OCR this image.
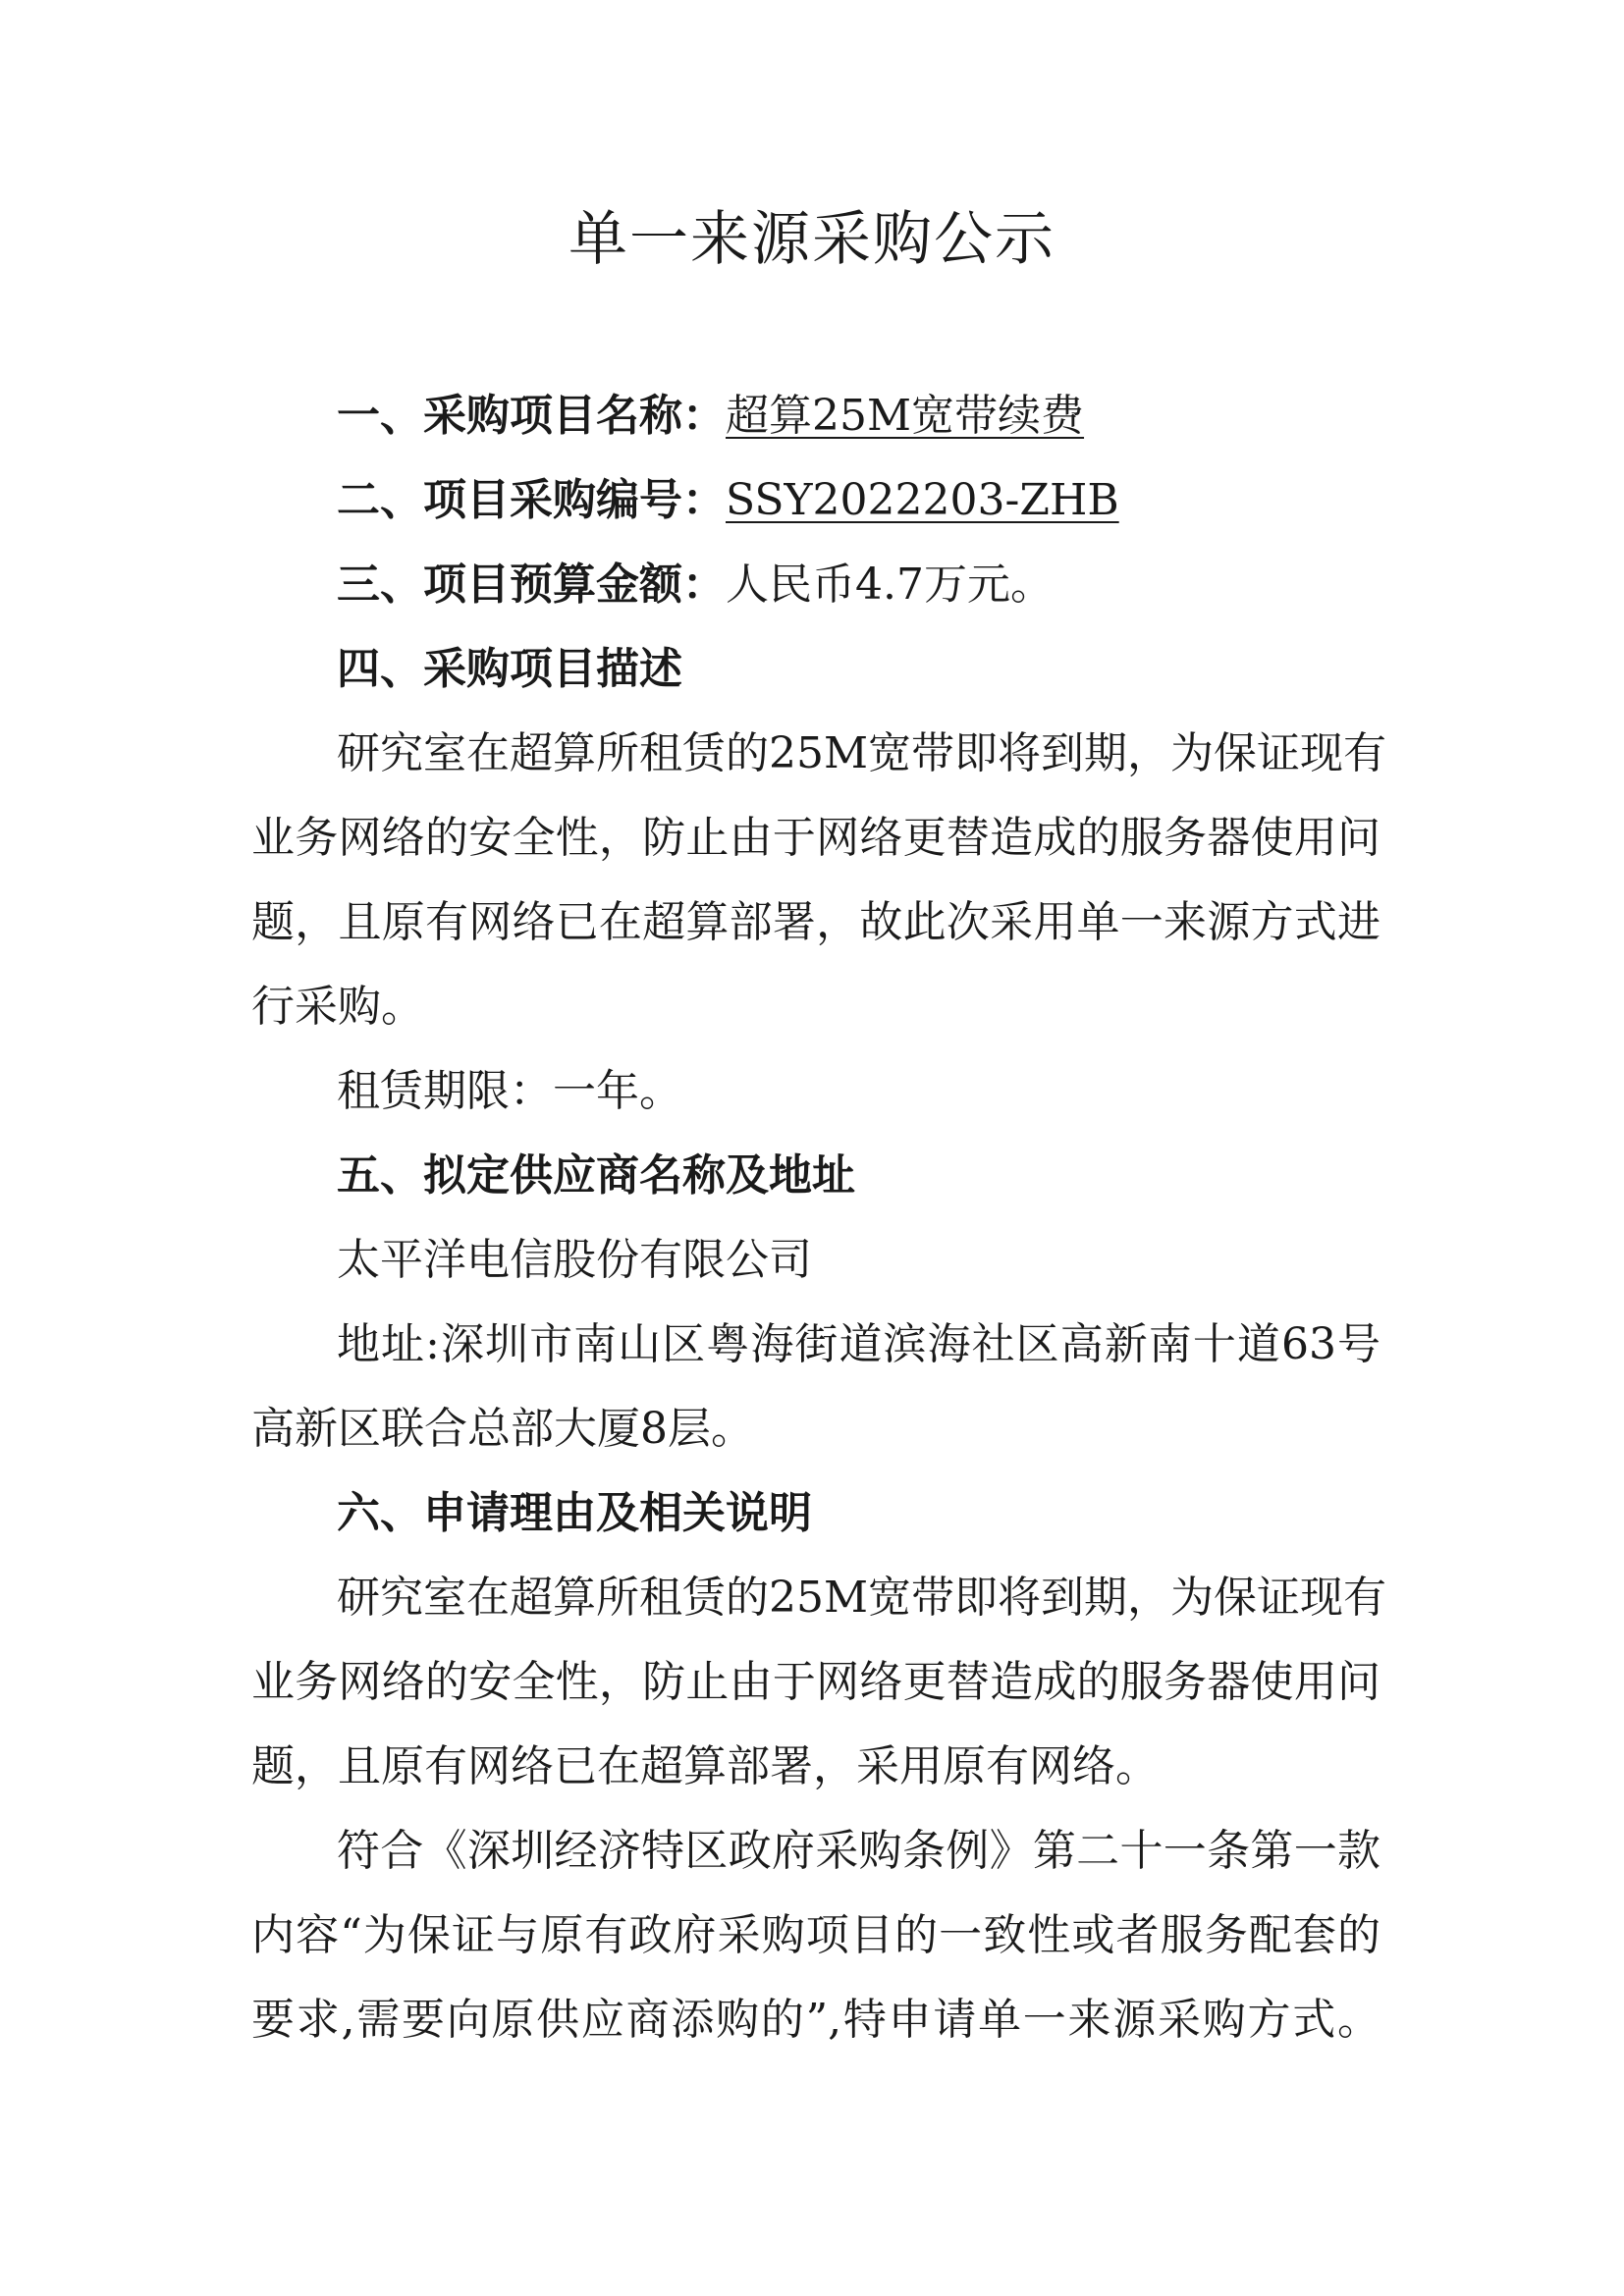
单一来源采购公示
一、采购项目名称：超算25M宽带续费
二、项目采购编号：SSY2022203-ZHB
三、项目预算金额：人民币4.7万元。
四、采购项目描述
研究室在超算所租赁的25M宽带即将到期，为保证现有
业务网络的安全性，防止由于网络更替造成的服务器使用问
题，且原有网络已在超算部署，故此次采用单一来源方式进
行采购。
租赁期限：一年。
五、拟定供应商名称及地址
太平洋电信股份有限公司
地址:深圳市南山区粤海街道滨海社区高新南十道63号
高新区联合总部大厦8层。
六、申请理由及相关说明
研究室在超算所租赁的25M宽带即将到期，为保证现有
业务网络的安全性，防止由于网络更替造成的服务器使用问
题，且原有网络已在超算部署，采用原有网络。
符合《深圳经济特区政府采购条例》第二十一条第一款
内容“为保证与原有政府采购项目的一致性或者服务配套的
要求,需要向原供应商添购的”,特申请单一来源采购方式。
